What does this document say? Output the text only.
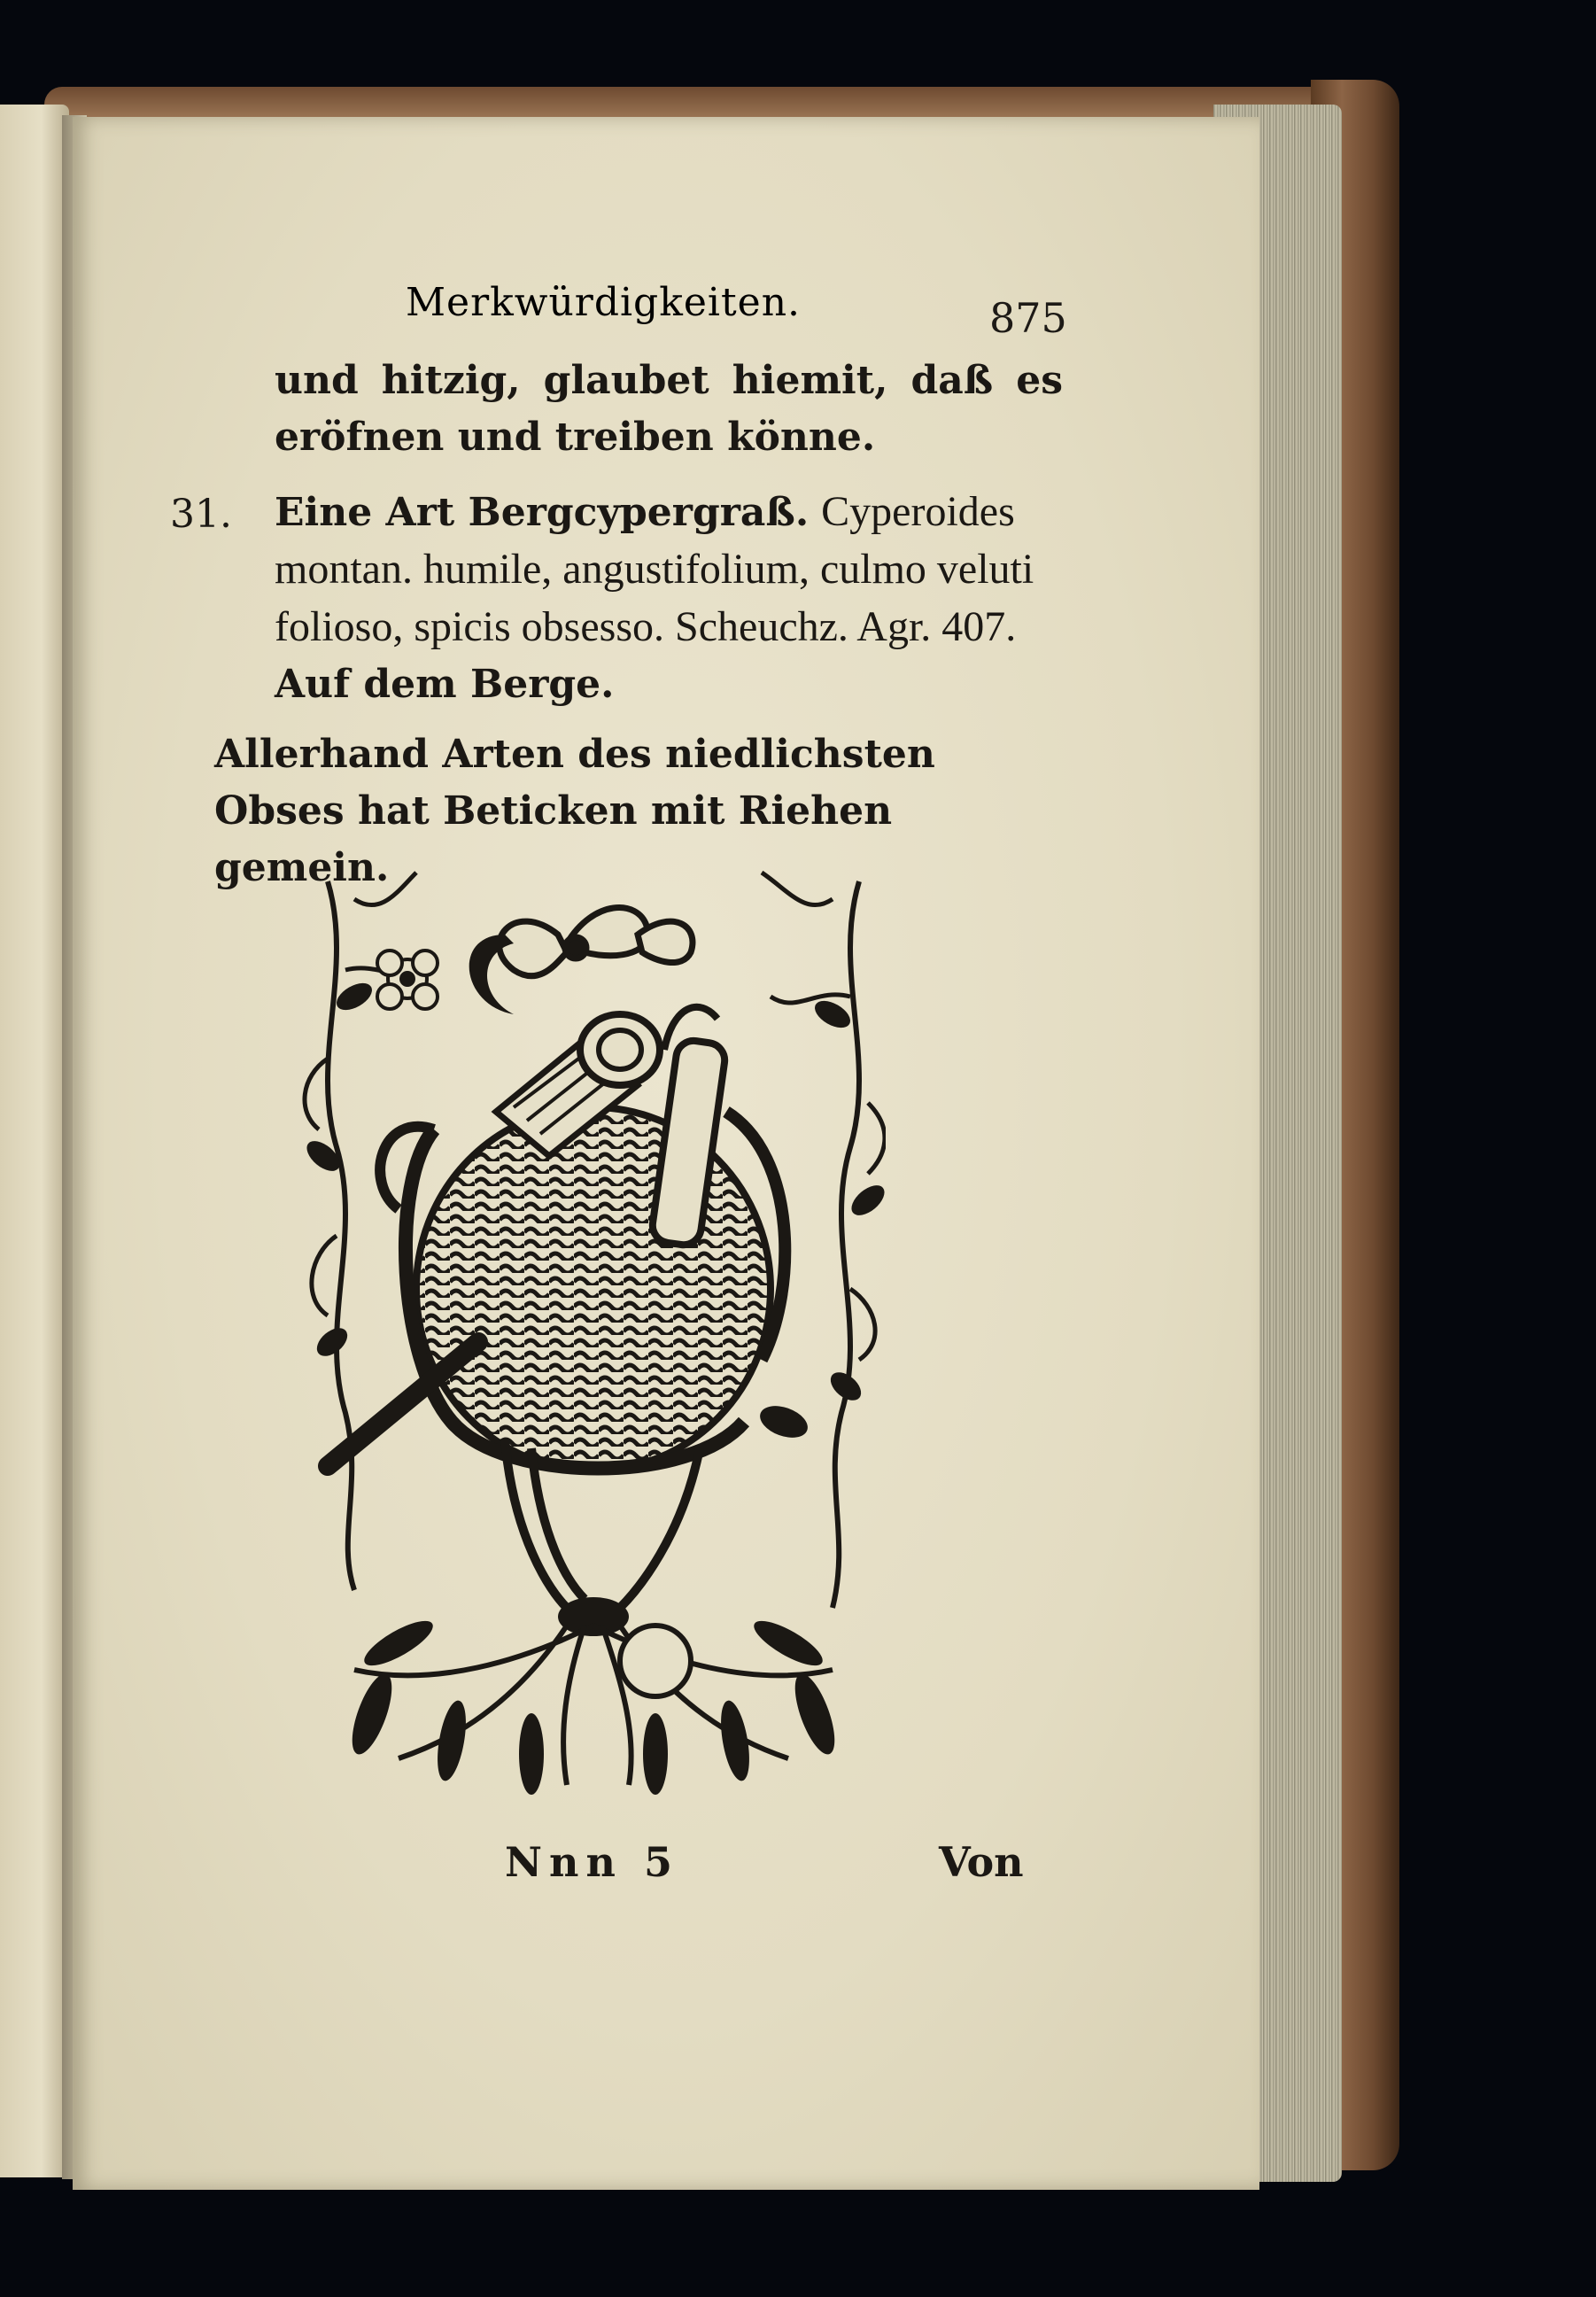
Merkwürdigkeiten.	875
und hitzig, glaubet hiemit, daß es eröfnen und treiben könne.
31. Eine Art Bergcypergraß. Cyperoides montan. humile, angustifolium, culmo veluti folioso, spicis obsesso. Scheuchz. Agr. 407.
Auf dem Berge.
Allerhand Arten des niedlichsten Obses hat Beticken mit Riehen gemein.
Nnn 5	Von
